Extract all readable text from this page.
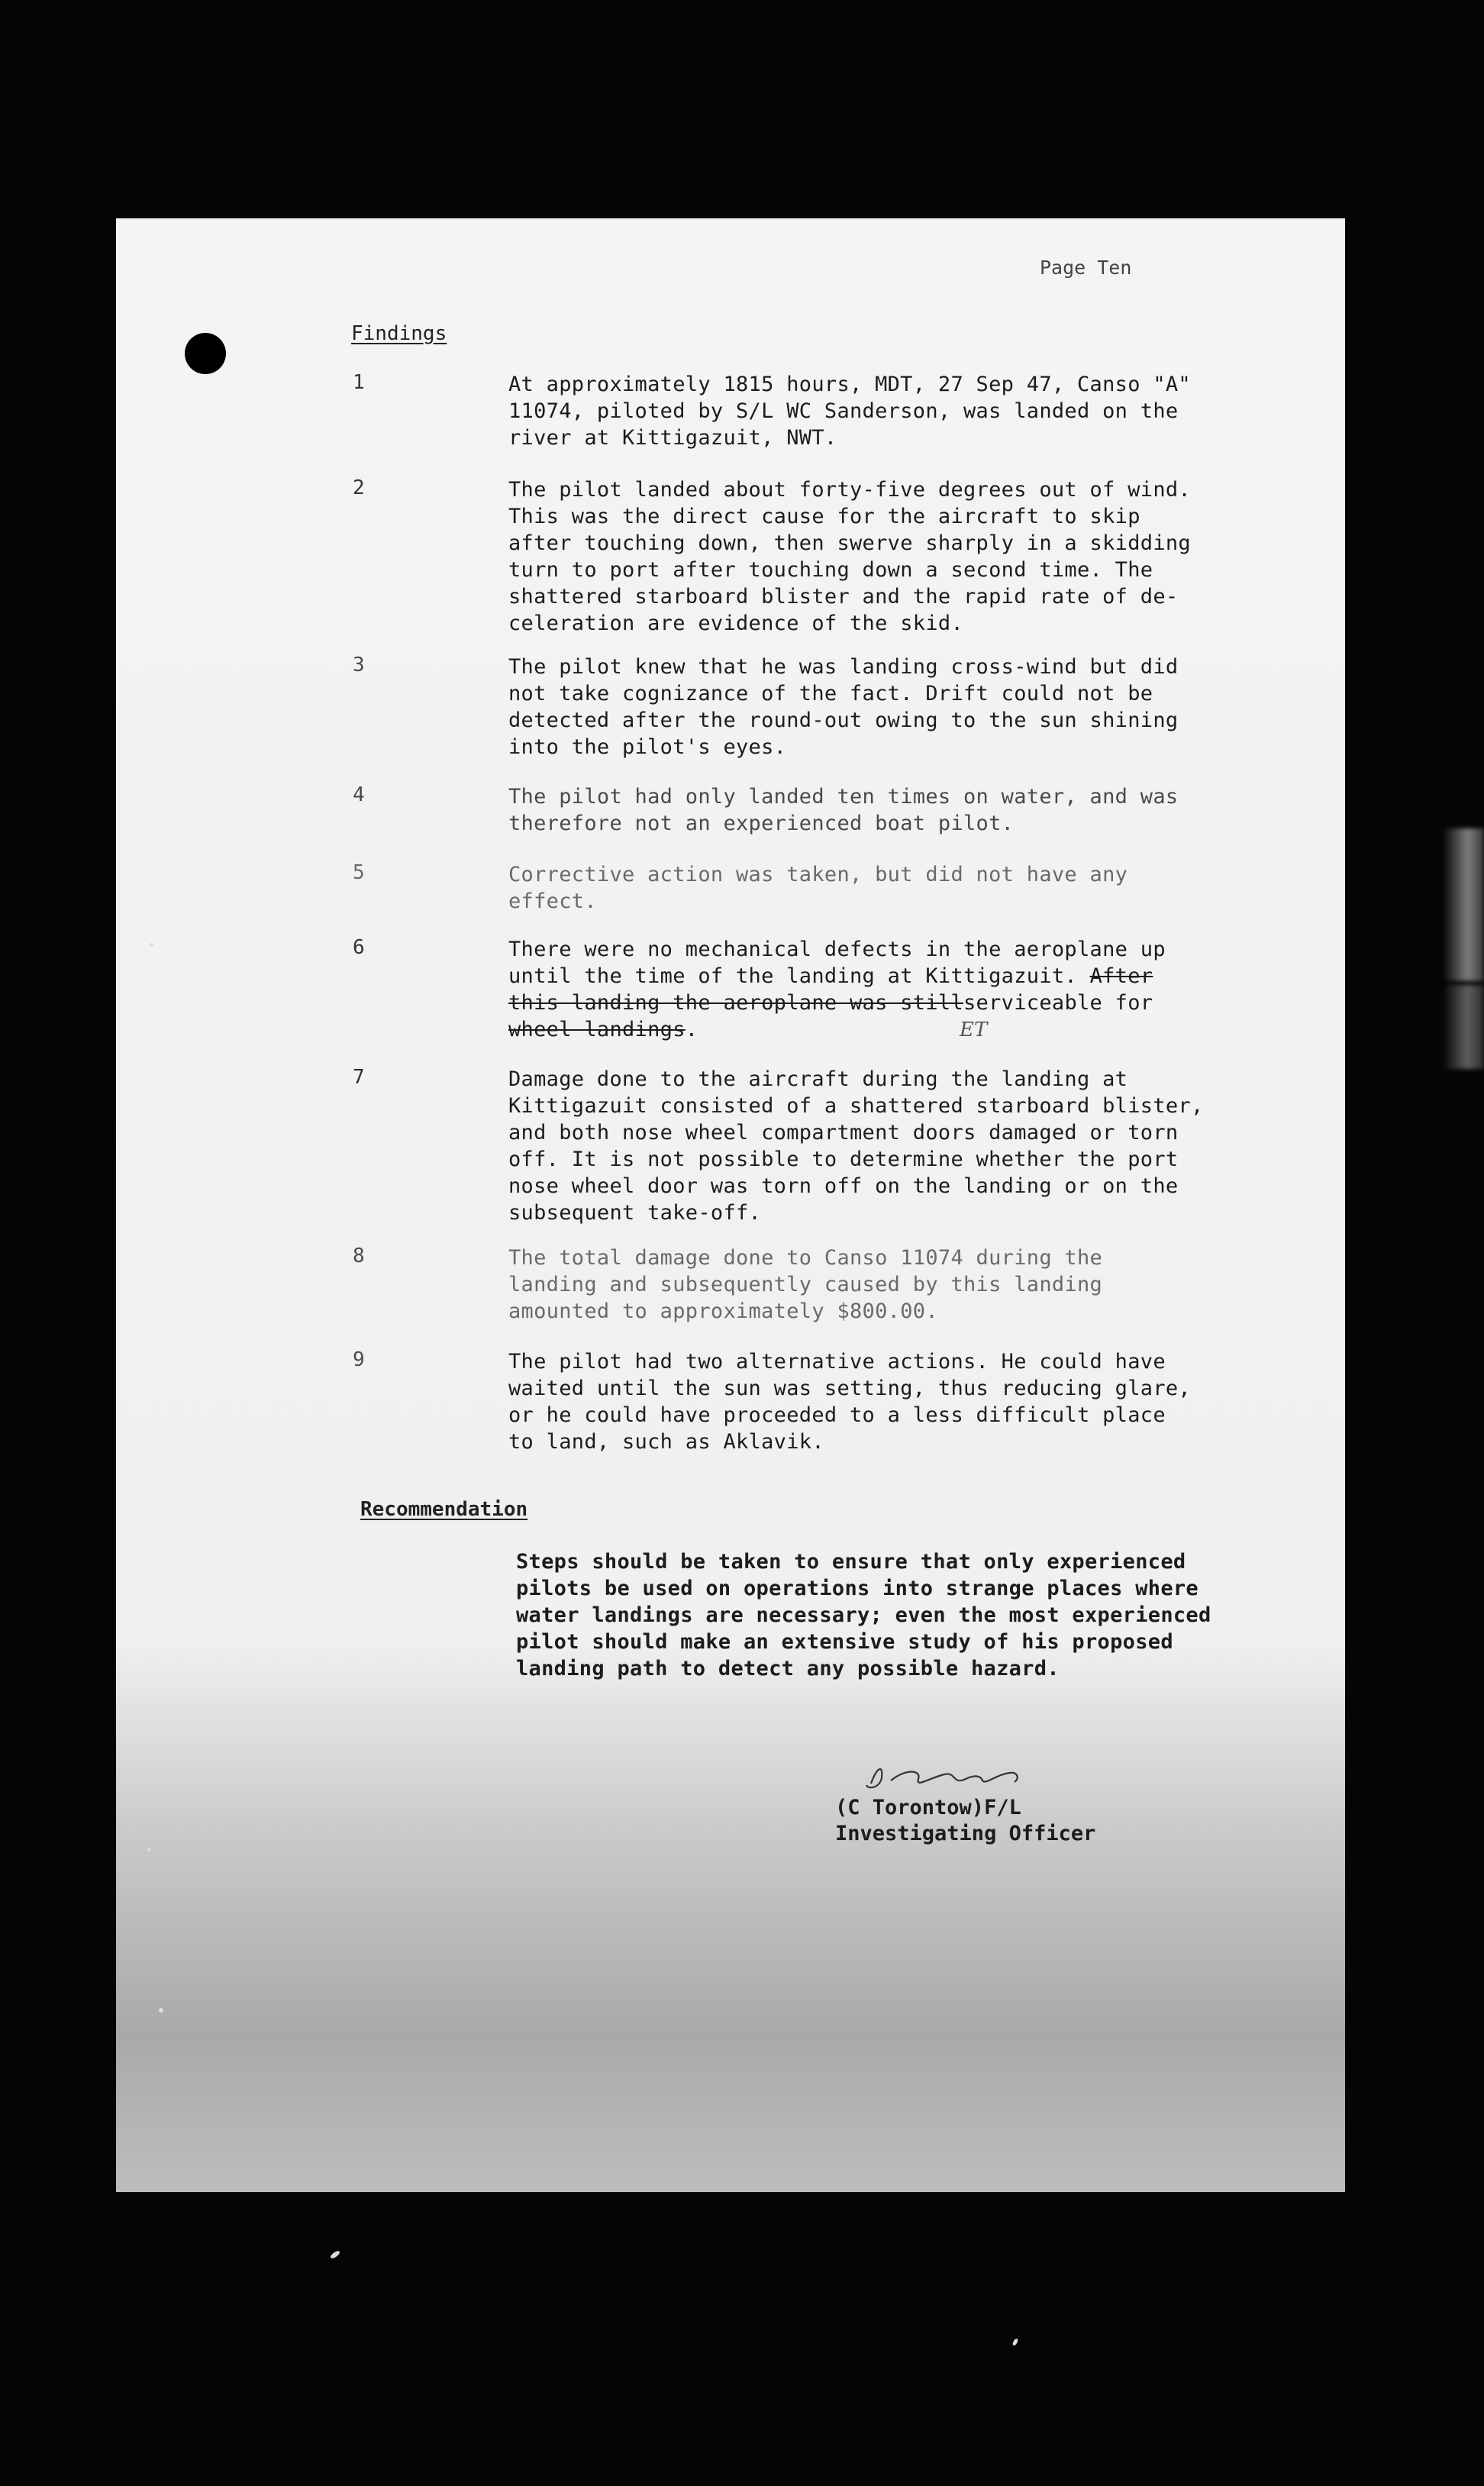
Page Ten
Findings
1	At approximately 1815 hours, MDT, 27 Sep 47, Canso "A"
11074, piloted by S/L WC Sanderson, was landed on the
river at Kittigazuit, NWT.
2	The pilot landed about forty-five degrees out of wind.
This was the direct cause for the aircraft to skip
after touching down, then swerve sharply in a skidding
turn to port after touching down a second time. The
shattered starboard blister and the rapid rate of de-
celeration are evidence of the skid.
3	The pilot knew that he was landing cross-wind but did
not take cognizance of the fact. Drift could not be
detected after the round-out owing to the sun shining
into the pilot's eyes.
4	The pilot had only landed ten times on water, and was
therefore not an experienced boat pilot.
5	Corrective action was taken, but did not have any
effect.
6	There were no mechanical defects in the aeroplane up
until the time of the landing at Kittigazuit. After
this landing the aeroplane was stillserviceable for
wheel landings.	ET
7	Damage done to the aircraft during the landing at
Kittigazuit consisted of a shattered starboard blister,
and both nose wheel compartment doors damaged or torn
off. It is not possible to determine whether the port
nose wheel door was torn off on the landing or on the
subsequent take-off.
8	The total damage done to Canso 11074 during the
landing and subsequently caused by this landing
amounted to approximately $800.00.
9	The pilot had two alternative actions. He could have
waited until the sun was setting, thus reducing glare,
or he could have proceeded to a less difficult place
to land, such as Aklavik.
Recommendation
Steps should be taken to ensure that only experienced
pilots be used on operations into strange places where
water landings are necessary; even the most experienced
pilot should make an extensive study of his proposed
landing path to detect any possible hazard.
(C Torontow)F/L
Investigating Officer
